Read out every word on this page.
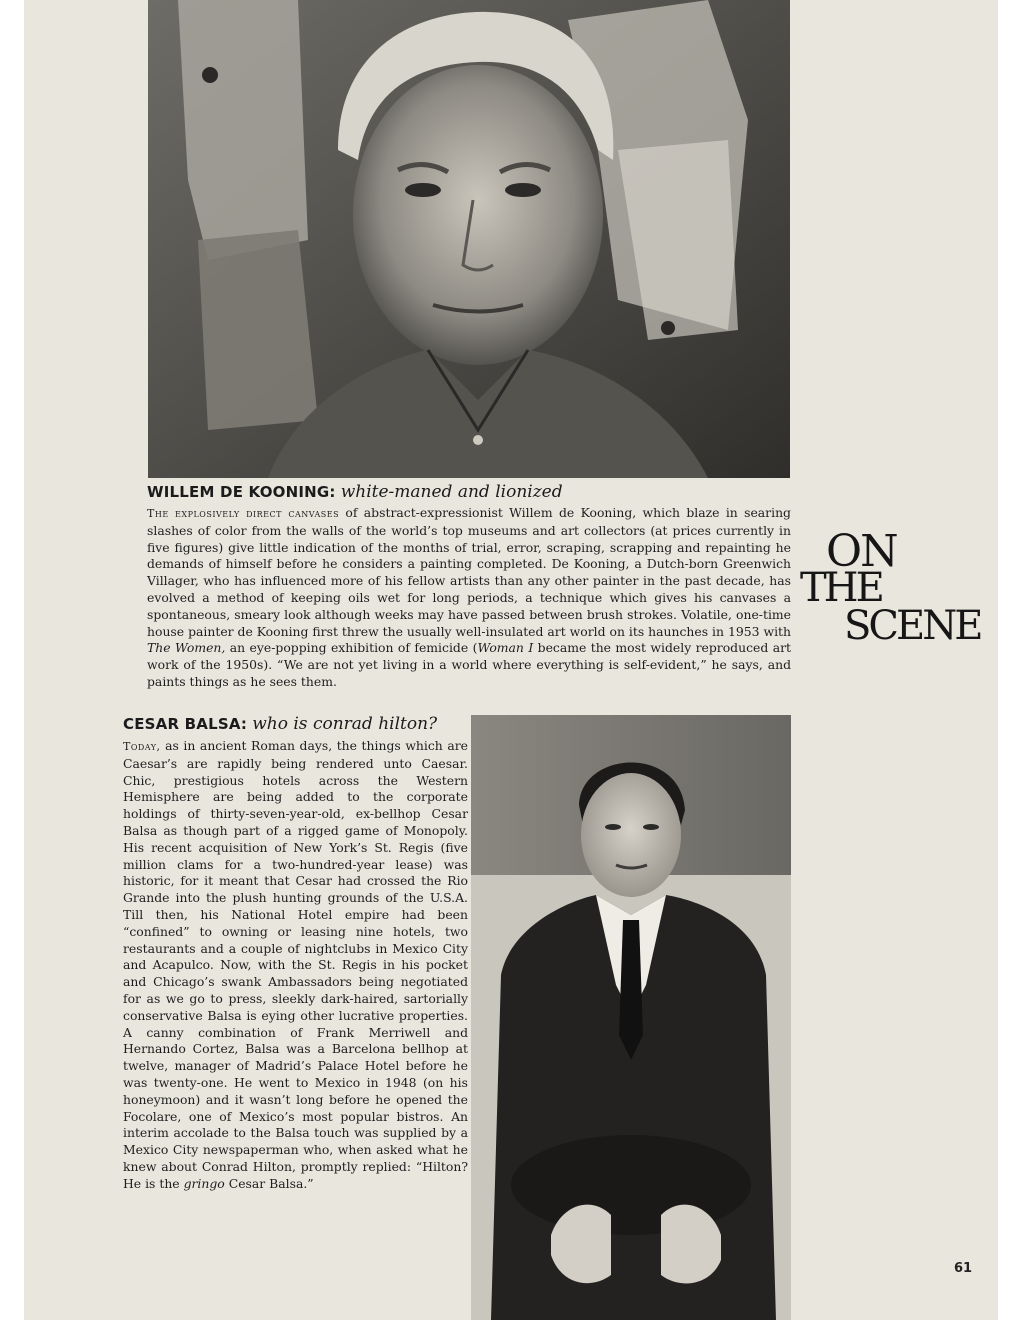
WILLEM DE KOONING: white-maned and lionized

The explosively direct canvases of abstract-expressionist Willem de Kooning, which blaze in searing slashes of color from the walls of the world’s top museums and art collectors (at prices currently in five figures) give little indication of the months of trial, error, scraping, scrapping and repainting he demands of himself before he considers a painting completed. De Kooning, a Dutch-born Greenwich Villager, who has influenced more of his fellow artists than any other painter in the past decade, has evolved a method of keeping oils wet for long periods, a technique which gives his canvases a spontaneous, smeary look although weeks may have passed between brush strokes. Volatile, one-time house painter de Kooning first threw the usually well-insulated art world on its haunches in 1953 with The Women, an eye-popping exhibition of femicide (Woman I became the most widely reproduced art work of the 1950s). “We are not yet living in a world where everything is self-evident,” he says, and paints things as he sees them.

ON
THE
SCENE
CESAR BALSA: who is conrad hilton?

Today, as in ancient Roman days, the things which are Caesar’s are rapidly being rendered unto Caesar. Chic, prestigious hotels across the Western Hemisphere are being added to the corporate holdings of thirty-seven-year-old, ex-bellhop Cesar Balsa as though part of a rigged game of Monopoly. His recent acquisition of New York’s St. Regis (five million clams for a two-hundred-year lease) was historic, for it meant that Cesar had crossed the Rio Grande into the plush hunting grounds of the U.S.A. Till then, his National Hotel empire had been “confined” to owning or leasing nine hotels, two restaurants and a couple of nightclubs in Mexico City and Acapulco. Now, with the St. Regis in his pocket and Chicago’s swank Ambassadors being negotiated for as we go to press, sleekly dark-haired, sartorially conservative Balsa is eying other lucrative properties. A canny combination of Frank Merriwell and Hernando Cortez, Balsa was a Barcelona bellhop at twelve, manager of Madrid’s Palace Hotel before he was twenty-one. He went to Mexico in 1948 (on his honeymoon) and it wasn’t long before he opened the Focolare, one of Mexico’s most popular bistros. An interim accolade to the Balsa touch was supplied by a Mexico City newspaperman who, when asked what he knew about Conrad Hilton, promptly replied: “Hilton? He is the gringo Cesar Balsa.”

61
